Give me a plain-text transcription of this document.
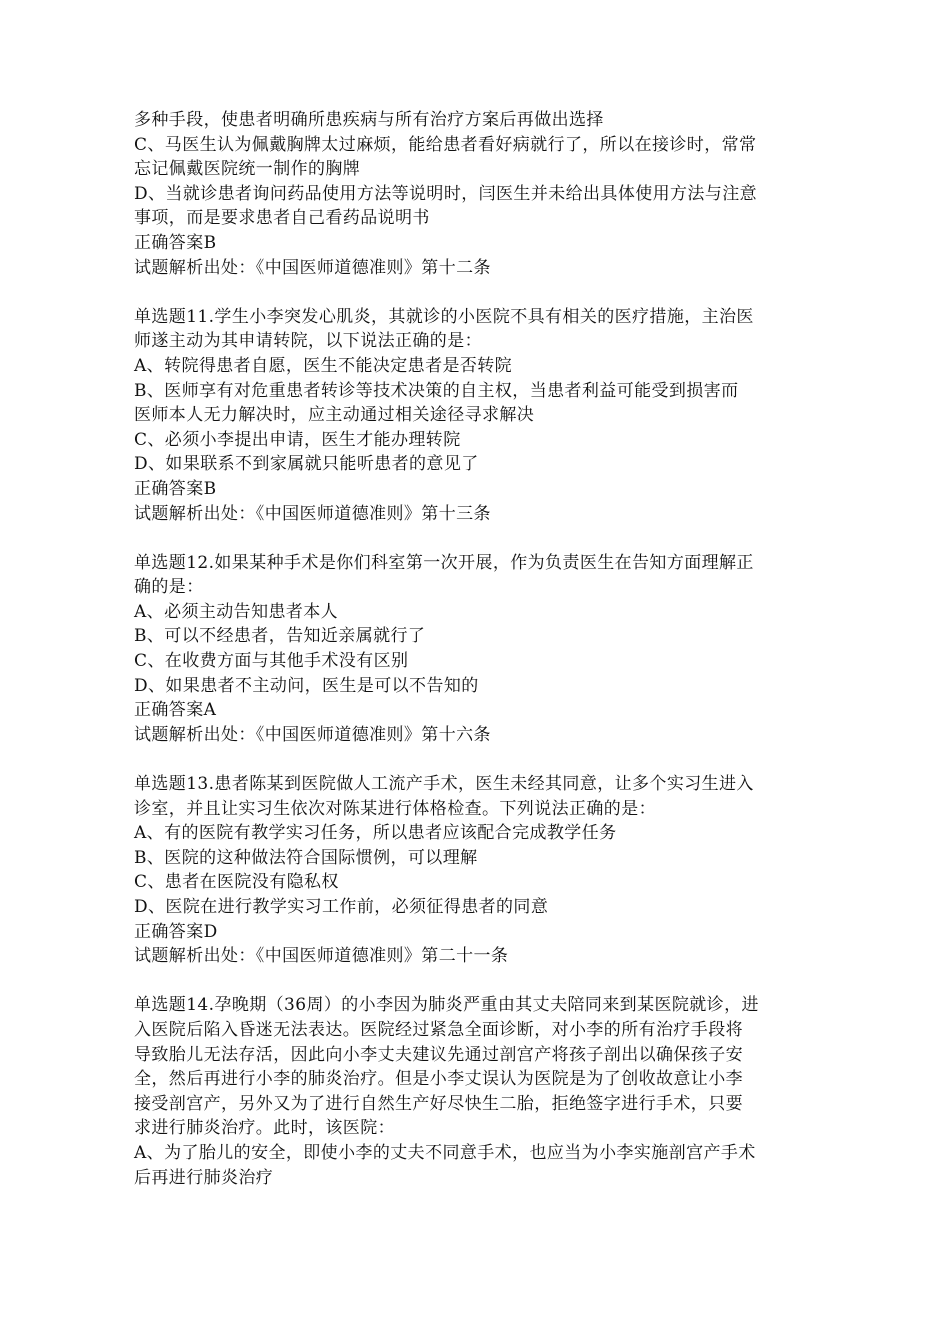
多种手段，使患者明确所患疾病与所有治疗方案后再做出选择
C、马医生认为佩戴胸牌太过麻烦，能给患者看好病就行了，所以在接诊时，常常
忘记佩戴医院统一制作的胸牌
D、当就诊患者询问药品使用方法等说明时，闫医生并未给出具体使用方法与注意
事项，而是要求患者自己看药品说明书
正确答案B
试题解析出处：《中国医师道德准则》第十二条
单选题11.学生小李突发心肌炎，其就诊的小医院不具有相关的医疗措施，主治医
师遂主动为其申请转院，以下说法正确的是：
A、转院得患者自愿，医生不能决定患者是否转院
B、医师享有对危重患者转诊等技术决策的自主权，当患者利益可能受到损害而
医师本人无力解决时，应主动通过相关途径寻求解决
C、必须小李提出申请，医生才能办理转院
D、如果联系不到家属就只能听患者的意见了
正确答案B
试题解析出处：《中国医师道德准则》第十三条
单选题12.如果某种手术是你们科室第一次开展，作为负责医生在告知方面理解正
确的是：
A、必须主动告知患者本人
B、可以不经患者，告知近亲属就行了
C、在收费方面与其他手术没有区别
D、如果患者不主动问，医生是可以不告知的
正确答案A
试题解析出处：《中国医师道德准则》第十六条
单选题13.患者陈某到医院做人工流产手术，医生未经其同意，让多个实习生进入
诊室，并且让实习生依次对陈某进行体格检查。下列说法正确的是：
A、有的医院有教学实习任务，所以患者应该配合完成教学任务
B、医院的这种做法符合国际惯例，可以理解
C、患者在医院没有隐私权
D、医院在进行教学实习工作前，必须征得患者的同意
正确答案D
试题解析出处：《中国医师道德准则》第二十一条
单选题14.孕晚期（36周）的小李因为肺炎严重由其丈夫陪同来到某医院就诊，进
入医院后陷入昏迷无法表达。医院经过紧急全面诊断，对小李的所有治疗手段将
导致胎儿无法存活，因此向小李丈夫建议先通过剖宫产将孩子剖出以确保孩子安
全，然后再进行小李的肺炎治疗。但是小李丈误认为医院是为了创收故意让小李
接受剖宫产，另外又为了进行自然生产好尽快生二胎，拒绝签字进行手术，只要
求进行肺炎治疗。此时，该医院：
A、为了胎儿的安全，即使小李的丈夫不同意手术，也应当为小李实施剖宫产手术
后再进行肺炎治疗
